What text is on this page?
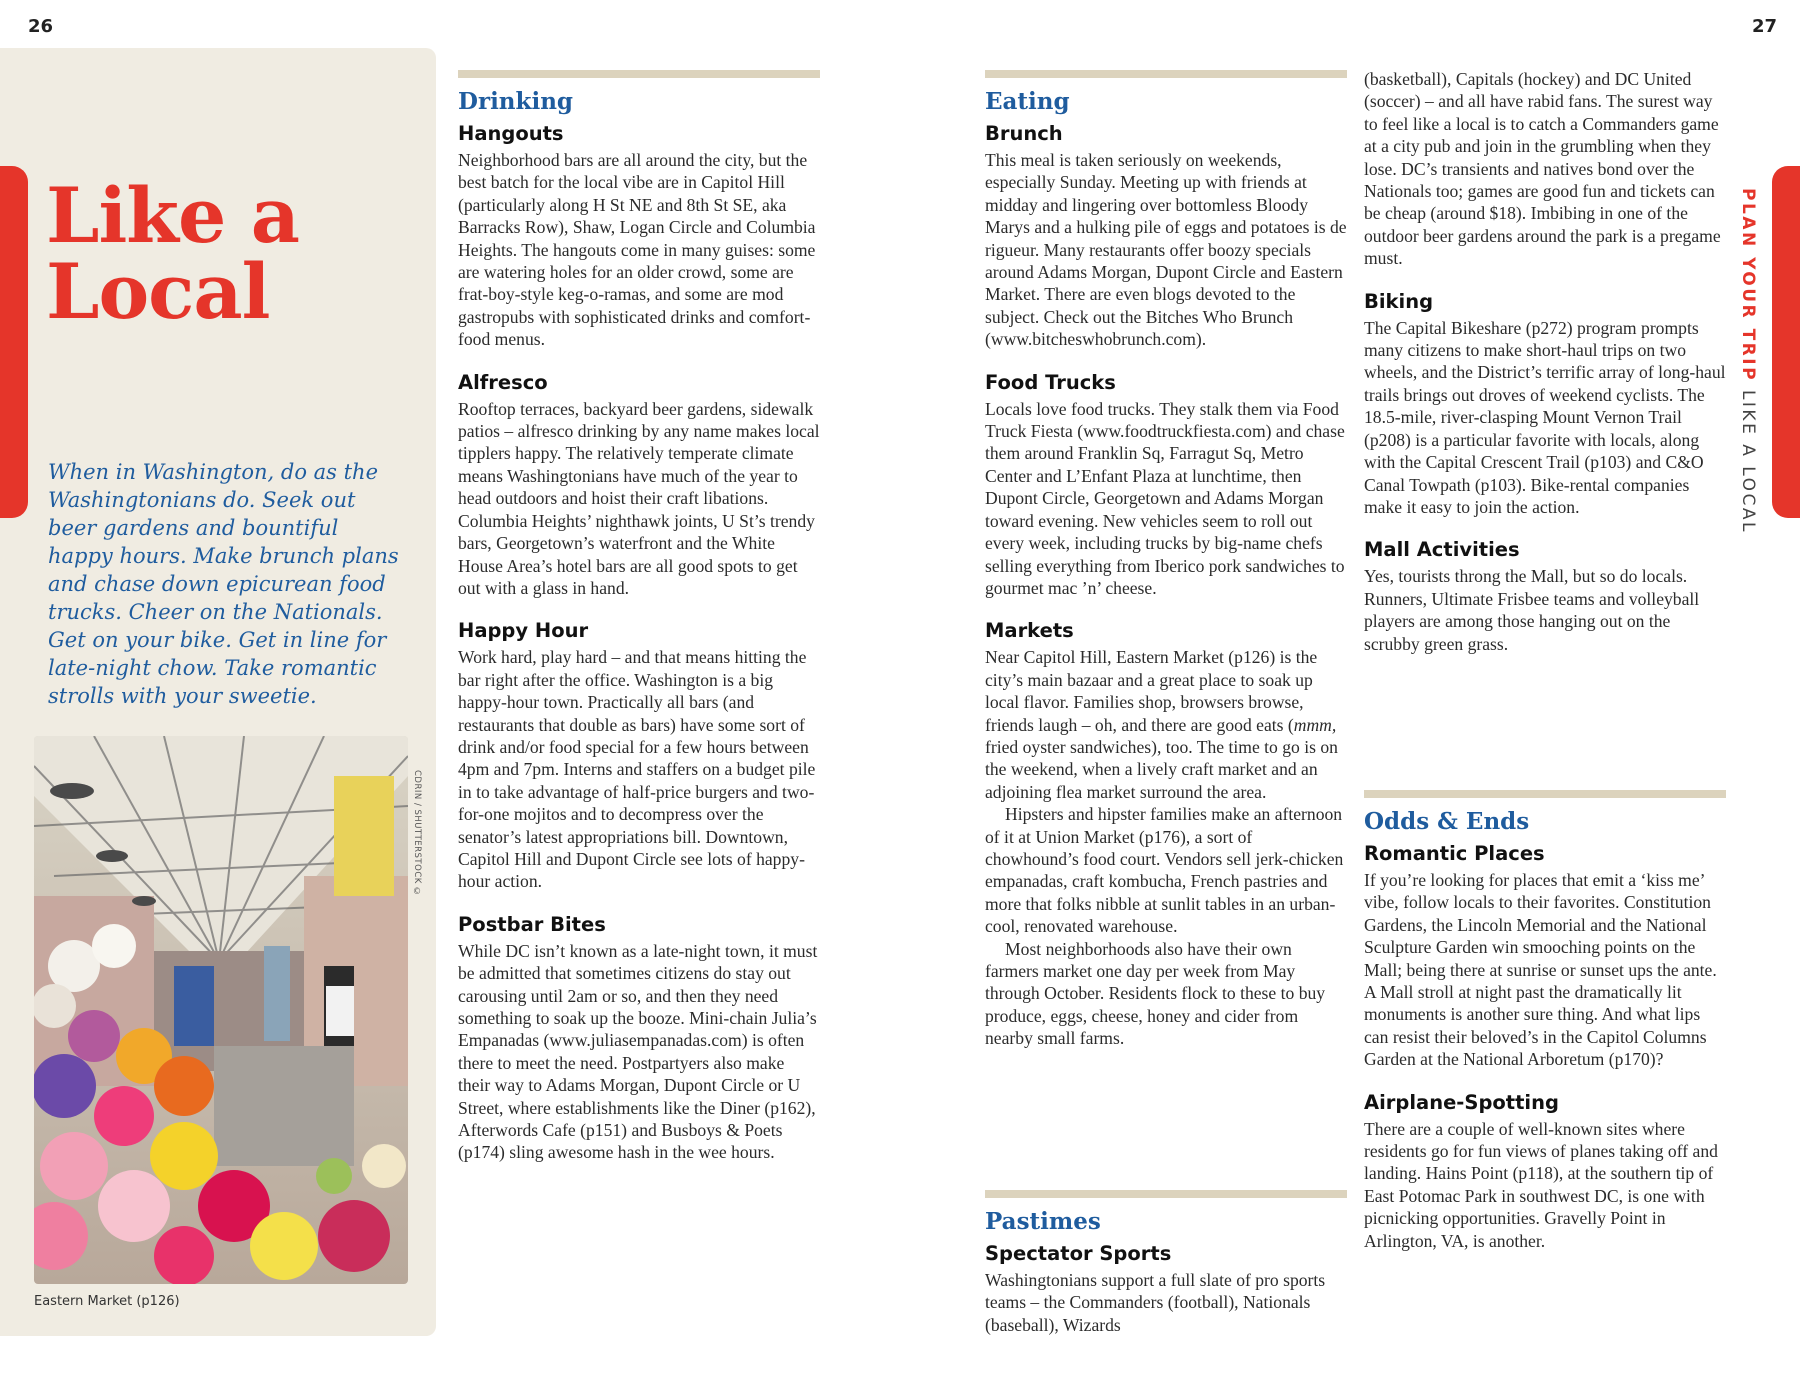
26	27
Like a
Local

When in Washington, do as the Washingtonians do. Seek out beer gardens and bountiful happy hours. Make brunch plans and chase down epicurean food trucks. Cheer on the Nationals. Get on your bike. Get in line for late-night chow. Take romantic strolls with your sweetie.

CDRIN / SHUTTERSTOCK ©
Eastern Market (p126)
Drinking
Hangouts

Neighborhood bars are all around the city, but the best batch for the local vibe are in Capitol Hill (particularly along H St NE and 8th St SE, aka Barracks Row), Shaw, Logan Circle and Columbia Heights. The hangouts come in many guises: some are watering holes for an older crowd, some are frat-boy-style keg-o-ramas, and some are mod gastropubs with sophisticated drinks and comfort-food menus.

Alfresco

Rooftop terraces, backyard beer gardens, sidewalk patios – alfresco drinking by any name makes local tipplers happy. The relatively temperate climate means Washingtonians have much of the year to head outdoors and hoist their craft libations. Columbia Heights’ nighthawk joints, U St’s trendy bars, Georgetown’s waterfront and the White House Area’s hotel bars are all good spots to get out with a glass in hand.

Happy Hour

Work hard, play hard – and that means hitting the bar right after the office. Washington is a big happy-hour town. Practically all bars (and restaurants that double as bars) have some sort of drink and/or food special for a few hours between 4pm and 7pm. Interns and staffers on a budget pile in to take advantage of half-price burgers and two-for-one mojitos and to decompress over the senator’s latest appropriations bill. Downtown, Capitol Hill and Dupont Circle see lots of happy-hour action.

Postbar Bites

While DC isn’t known as a late-night town, it must be admitted that sometimes citizens do stay out carousing until 2am or so, and then they need something to soak up the booze. Mini-chain Julia’s Empanadas (www.juliasempanadas.com) is often there to meet the need. Postpartyers also make their way to Adams Morgan, Dupont Circle or U Street, where establishments like the Diner (p162), Afterwords Cafe (p151) and Busboys & Poets (p174) sling awesome hash in the wee hours.

Eating
Brunch

This meal is taken seriously on weekends, especially Sunday. Meeting up with friends at midday and lingering over bottomless Bloody Marys and a hulking pile of eggs and potatoes is de rigueur. Many restaurants offer boozy specials around Adams Morgan, Dupont Circle and Eastern Market. There are even blogs devoted to the subject. Check out the Bitches Who Brunch (www.bitcheswhobrunch.com).

Food Trucks

Locals love food trucks. They stalk them via Food Truck Fiesta (www.foodtruckfiesta.com) and chase them around Franklin Sq, Farragut Sq, Metro Center and L’Enfant Plaza at lunchtime, then Dupont Circle, Georgetown and Adams Morgan toward evening. New vehicles seem to roll out every week, including trucks by big-name chefs selling everything from Iberico pork sandwiches to gourmet mac ’n’ cheese.

Markets

Near Capitol Hill, Eastern Market (p126) is the city’s main bazaar and a great place to soak up local flavor. Families shop, browsers browse, friends laugh – oh, and there are good eats (mmm, fried oyster sandwiches), too. The time to go is on the weekend, when a lively craft market and an adjoining flea market surround the area.

Hipsters and hipster families make an afternoon of it at Union Market (p176), a sort of chowhound’s food court. Vendors sell jerk-chicken empanadas, craft kombucha, French pastries and more that folks nibble at sunlit tables in an urban-cool, renovated warehouse.

Most neighborhoods also have their own farmers market one day per week from May through October. Residents flock to these to buy produce, eggs, cheese, honey and cider from nearby small farms.

Pastimes
Spectator Sports

Washingtonians support a full slate of pro sports teams – the Commanders (football), Nationals (baseball), Wizards

(basketball), Capitals (hockey) and DC United (soccer) – and all have rabid fans. The surest way to feel like a local is to catch a Commanders game at a city pub and join in the grumbling when they lose. DC’s transients and natives bond over the Nationals too; games are good fun and tickets can be cheap (around $18). Imbibing in one of the outdoor beer gardens around the park is a pregame must.

Biking

The Capital Bikeshare (p272) program prompts many citizens to make short-haul trips on two wheels, and the District’s terrific array of long-haul trails brings out droves of weekend cyclists. The 18.5-mile, river-clasping Mount Vernon Trail (p208) is a particular favorite with locals, along with the Capital Crescent Trail (p103) and C&O Canal Towpath (p103). Bike-rental companies make it easy to join the action.

Mall Activities

Yes, tourists throng the Mall, but so do locals. Runners, Ultimate Frisbee teams and volleyball players are among those hanging out on the scrubby green grass.

Odds & Ends
Romantic Places

If you’re looking for places that emit a ‘kiss me’ vibe, follow locals to their favorites. Constitution Gardens, the Lincoln Memorial and the National Sculpture Garden win smooching points on the Mall; being there at sunrise or sunset ups the ante. A Mall stroll at night past the dramatically lit monuments is another sure thing. And what lips can resist their beloved’s in the Capitol Columns Garden at the National Arboretum (p170)?

Airplane-Spotting

There are a couple of well-known sites where residents go for fun views of planes taking off and landing. Hains Point (p118), at the southern tip of East Potomac Park in southwest DC, is one with picnicking opportunities. Gravelly Point in Arlington, VA, is another.

PLAN YOUR TRIP LIKE A LOCAL
